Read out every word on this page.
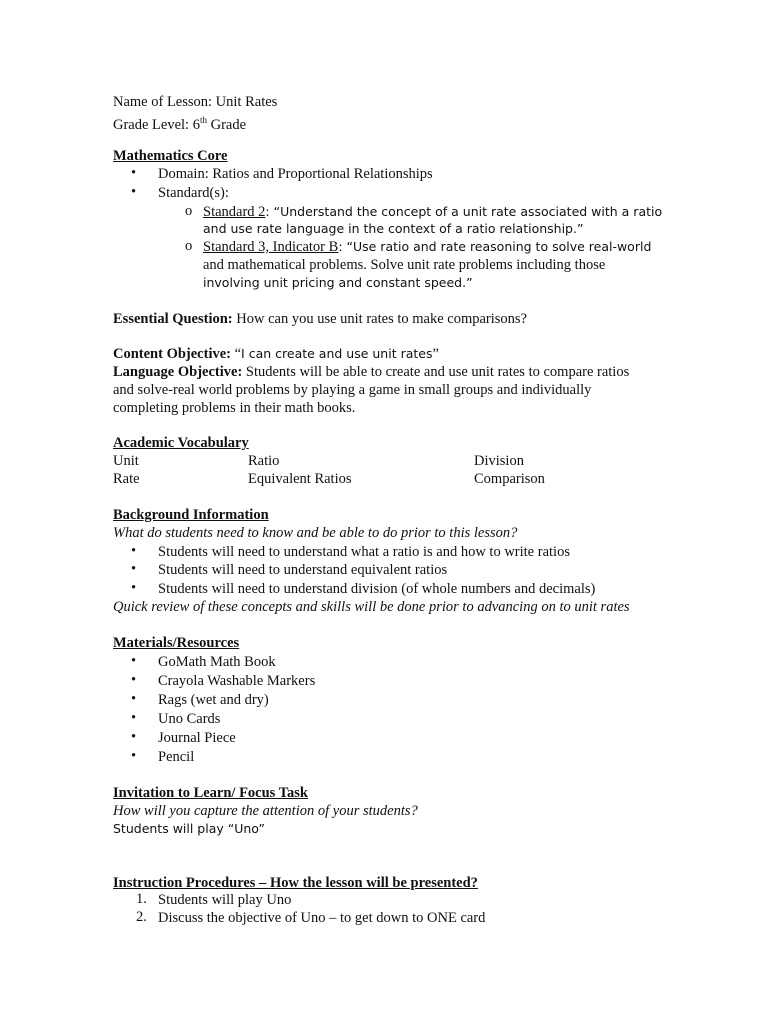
Name of Lesson: Unit Rates
Grade Level: 6th Grade
Mathematics Core
• Domain: Ratios and Proportional Relationships
• Standard(s):
o Standard 2: “Understand the concept of a unit rate associated with a ratio
and use rate language in the context of a ratio relationship.”
o Standard 3, Indicator B: “Use ratio and rate reasoning to solve real-world
and mathematical problems. Solve unit rate problems including those
involving unit pricing and constant speed.”
Essential Question: How can you use unit rates to make comparisons?
Content Objective: “I can create and use unit rates”
Language Objective: Students will be able to create and use unit rates to compare ratios
and solve-real world problems by playing a game in small groups and individually
completing problems in their math books.
Academic Vocabulary
Unit	Ratio	Division
Rate	Equivalent Ratios	Comparison
Background Information
What do students need to know and be able to do prior to this lesson?
• Students will need to understand what a ratio is and how to write ratios
• Students will need to understand equivalent ratios
• Students will need to understand division (of whole numbers and decimals)
Quick review of these concepts and skills will be done prior to advancing on to unit rates
Materials/Resources
• GoMath Math Book
• Crayola Washable Markers
• Rags (wet and dry)
• Uno Cards
• Journal Piece
• Pencil
Invitation to Learn/ Focus Task
How will you capture the attention of your students?
Students will play “Uno”
Instruction Procedures – How the lesson will be presented?
1. Students will play Uno
2. Discuss the objective of Uno – to get down to ONE card
